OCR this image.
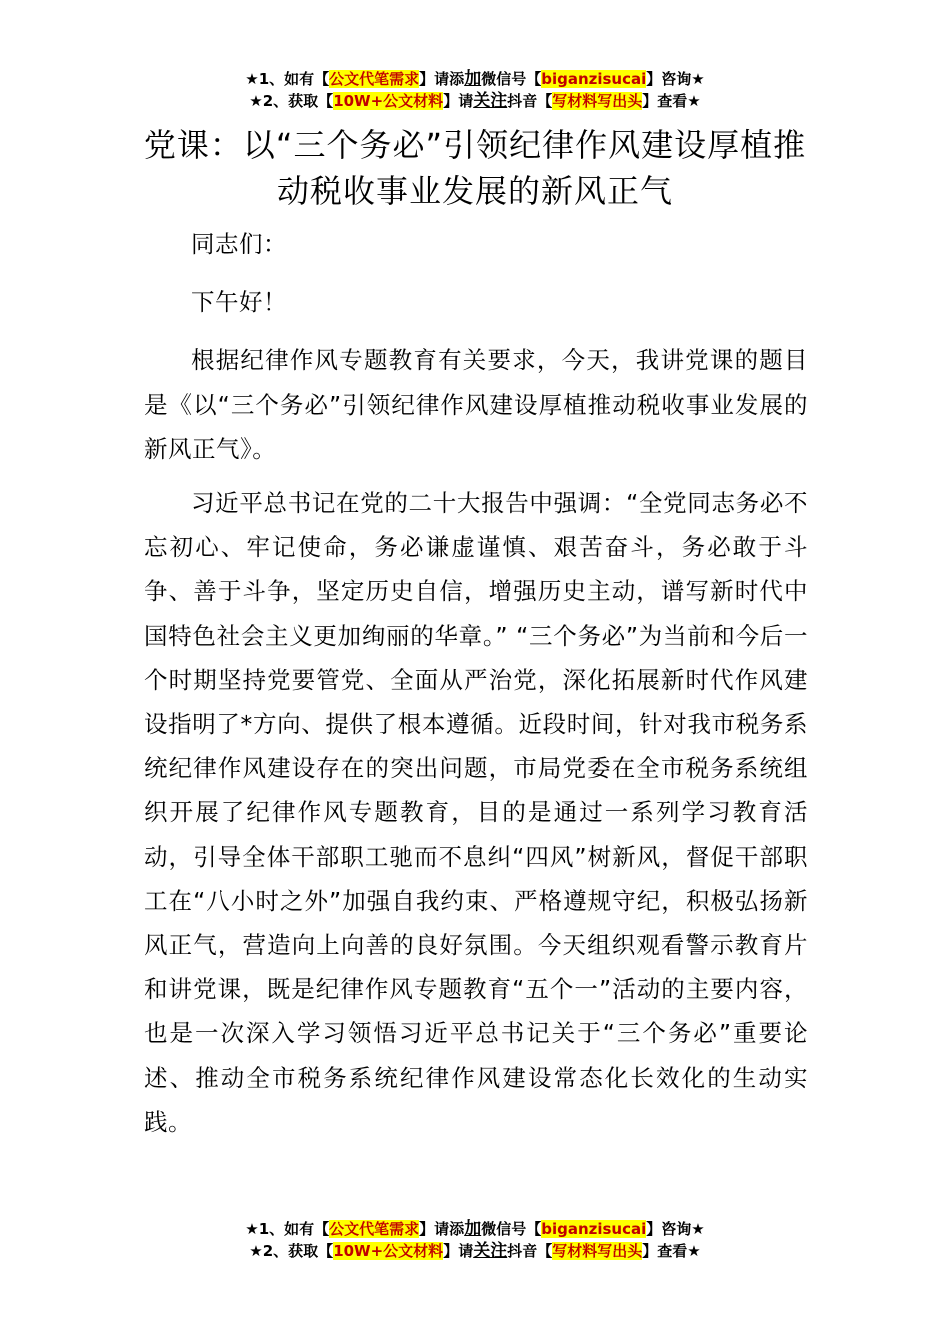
★1、如有【公文代笔需求】请添加微信号【biganzisucai】咨询★
★2、获取【10W+公文材料】请关注抖音【写材料写出头】查看★
党课：以“三个务必”引领纪律作风建设厚植推动税收事业发展的新风正气

同志们：

下午好！

根据纪律作风专题教育有关要求，今天，我讲党课的题目是《以“三个务必”引领纪律作风建设厚植推动税收事业发展的新风正气》。

习近平总书记在党的二十大报告中强调：“全党同志务必不忘初心、牢记使命，务必谦虚谨慎、艰苦奋斗，务必敢于斗争、善于斗争，坚定历史自信，增强历史主动，谱写新时代中国特色社会主义更加绚丽的华章。” “三个务必”为当前和今后一个时期坚持党要管党、全面从严治党，深化拓展新时代作风建设指明了*方向、提供了根本遵循。近段时间，针对我市税务系统纪律作风建设存在的突出问题，市局党委在全市税务系统组织开展了纪律作风专题教育，目的是通过一系列学习教育活动，引导全体干部职工驰而不息纠“四风”树新风，督促干部职工在“八小时之外”加强自我约束、严格遵规守纪，积极弘扬新风正气，营造向上向善的良好氛围。今天组织观看警示教育片和讲党课，既是纪律作风专题教育“五个一”活动的主要内容，也是一次深入学习领悟习近平总书记关于“三个务必”重要论述、推动全市税务系统纪律作风建设常态化长效化的生动实践。

★1、如有【公文代笔需求】请添加微信号【biganzisucai】咨询★
★2、获取【10W+公文材料】请关注抖音【写材料写出头】查看★
